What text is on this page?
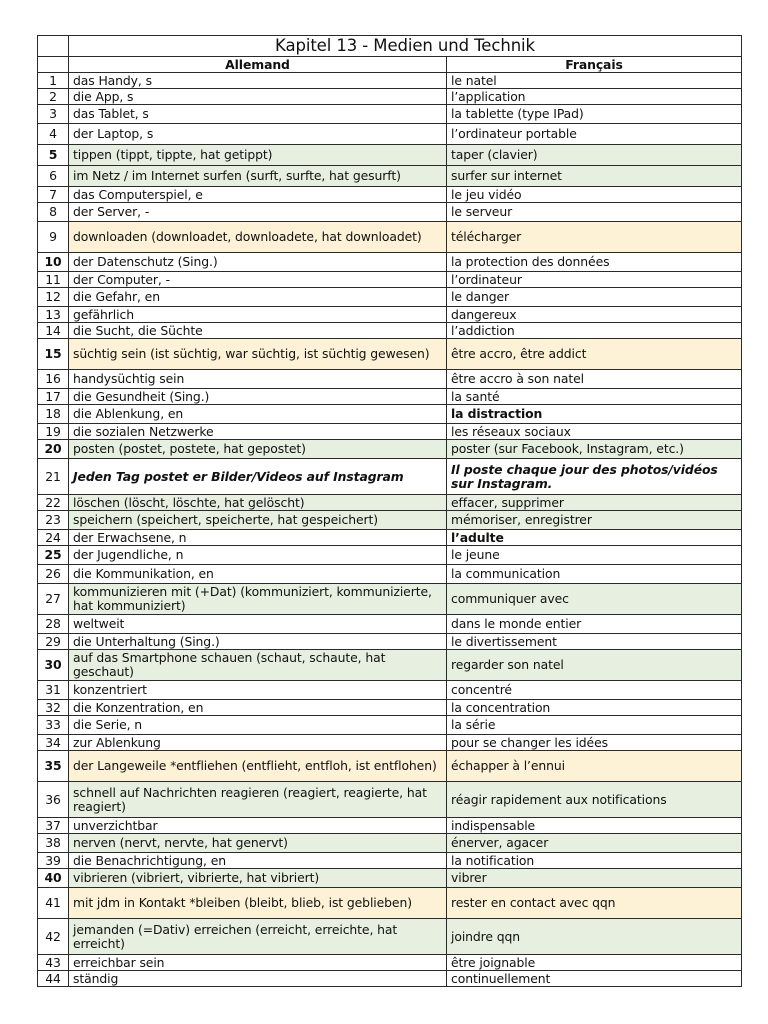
	Kapitel 13 - Medien und Technik	
	Allemand	Français
1	das Handy, s	le natel
2	die App, s	l’application
3	das Tablet, s	la tablette (type IPad)
4	der Laptop, s	l’ordinateur portable
5	tippen (tippt, tippte, hat getippt)	taper (clavier)
6	im Netz / im Internet surfen (surft, surfte, hat gesurft)	surfer sur internet
7	das Computerspiel, e	le jeu vidéo
8	der Server, -	le serveur
9	downloaden (downloadet, downloadete, hat downloadet)	télécharger
10	der Datenschutz (Sing.)	la protection des données
11	der Computer, -	l’ordinateur
12	die Gefahr, en	le danger
13	gefährlich	dangereux
14	die Sucht, die Süchte	l’addiction
15	süchtig sein (ist süchtig, war süchtig, ist süchtig gewesen)	être accro, être addict
16	handysüchtig sein	être accro à son natel
17	die Gesundheit (Sing.)	la santé
18	die Ablenkung, en	la distraction
19	die sozialen Netzwerke	les réseaux sociaux
20	posten (postet, postete, hat gepostet)	poster (sur Facebook, Instagram, etc.)
21	Jeden Tag postet er Bilder/Videos auf Instagram	Il poste chaque jour des photos/vidéos sur Instagram.
22	löschen (löscht, löschte, hat gelöscht)	effacer, supprimer
23	speichern (speichert, speicherte, hat gespeichert)	mémoriser, enregistrer
24	der Erwachsene, n	l’adulte
25	der Jugendliche, n	le jeune
26	die Kommunikation, en	la communication
27	kommunizieren mit (+Dat) (kommuniziert, kommunizierte, hat kommuniziert)	communiquer avec
28	weltweit	dans le monde entier
29	die Unterhaltung (Sing.)	le divertissement
30	auf das Smartphone schauen (schaut, schaute, hat geschaut)	regarder son natel
31	konzentriert	concentré
32	die Konzentration, en	la concentration
33	die Serie, n	la série
34	zur Ablenkung	pour se changer les idées
35	der Langeweile *entfliehen (entflieht, entfloh, ist entflohen)	échapper à l’ennui
36	schnell auf Nachrichten reagieren (reagiert, reagierte, hat reagiert)	réagir rapidement aux notifications
37	unverzichtbar	indispensable
38	nerven (nervt, nervte, hat genervt)	énerver, agacer
39	die Benachrichtigung, en	la notification
40	vibrieren (vibriert, vibrierte, hat vibriert)	vibrer
41	mit jdm in Kontakt *bleiben (bleibt, blieb, ist geblieben)	rester en contact avec qqn
42	jemanden (=Dativ) erreichen (erreicht, erreichte, hat erreicht)	joindre qqn
43	erreichbar sein	être joignable
44	ständig	continuellement
